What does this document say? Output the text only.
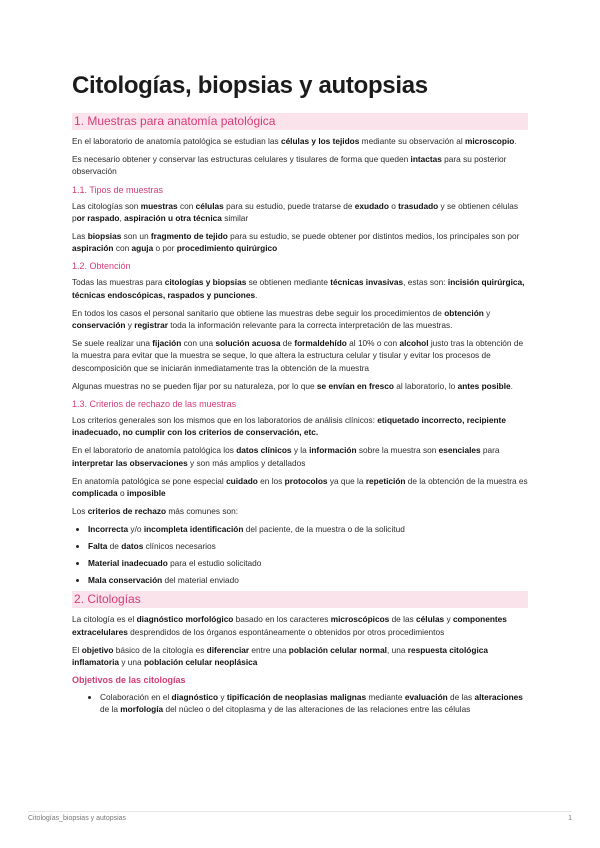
Citologías, biopsias y autopsias
1. Muestras para anatomía patológica

En el laboratorio de anatomía patológica se estudian las células y los tejidos mediante su observación al microscopio.

Es necesario obtener y conservar las estructuras celulares y tisulares de forma que queden intactas para su posterior observación

1.1. Tipos de muestras

Las citologías son muestras con células para su estudio, puede tratarse de exudado o trasudado y se obtienen células por raspado, aspiración u otra técnica similar

Las biopsias son un fragmento de tejido para su estudio, se puede obtener por distintos medios, los principales son por aspiración con aguja o por procedimiento quirúrgico

1.2. Obtención

Todas las muestras para citologías y biopsias se obtienen mediante técnicas invasivas, estas son: incisión quirúrgica, técnicas endoscópicas, raspados y punciones.

En todos los casos el personal sanitario que obtiene las muestras debe seguir los procedimientos de obtención y conservación y registrar toda la información relevante para la correcta interpretación de las muestras.

Se suele realizar una fijación con una solución acuosa de formaldehído al 10% o con alcohol justo tras la obtención de la muestra para evitar que la muestra se seque, lo que altera la estructura celular y tisular y evitar los procesos de descomposición que se iniciarán inmediatamente tras la obtención de la muestra

Algunas muestras no se pueden fijar por su naturaleza, por lo que se envían en fresco al laboratorio, lo antes posible.

1.3. Criterios de rechazo de las muestras

Los criterios generales son los mismos que en los laboratorios de análisis clínicos: etiquetado incorrecto, recipiente inadecuado, no cumplir con los criterios de conservación, etc.

En el laboratorio de anatomía patológica los datos clínicos y la información sobre la muestra son esenciales para interpretar las observaciones y son más amplios y detallados

En anatomía patológica se pone especial cuidado en los protocolos ya que la repetición de la obtención de la muestra es complicada o imposible

Los criterios de rechazo más comunes son:

• Incorrecta y/o incompleta identificación del paciente, de la muestra o de la solicitud
• Falta de datos clínicos necesarios
• Material inadecuado para el estudio solicitado
• Mala conservación del material enviado
2. Citologías

La citología es el diagnóstico morfológico basado en los caracteres microscópicos de las células y componentes extracelulares desprendidos de los órganos espontáneamente o obtenidos por otros procedimientos

El objetivo básico de la citología es diferenciar entre una población celular normal, una respuesta citológica inflamatoria y una población celular neoplásica

Objetivos de las citologías
• Colaboración en el diagnóstico y tipificación de neoplasias malignas mediante evaluación de las alteraciones de la morfología del núcleo o del citoplasma y de las alteraciones de las relaciones entre las células
Citologías_biopsias y autopsias	1
